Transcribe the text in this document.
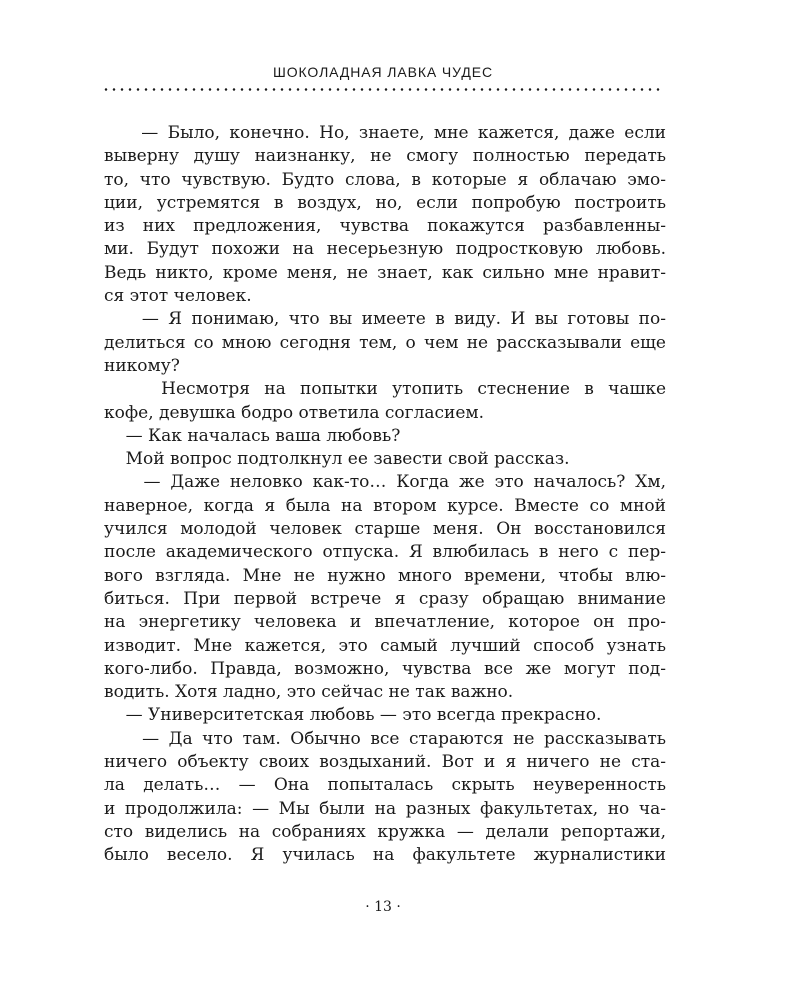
ШОКОЛАДНАЯ ЛАВКА ЧУДЕС
— Было, конечно. Но, знаете, мне кажется, даже если
выверну душу наизнанку, не смогу полностью передать
то, что чувствую. Будто слова, в которые я облачаю эмо-
ции, устремятся в воздух, но, если попробую построить
из них предложения, чувства покажутся разбавленны-
ми. Будут похожи на несерьезную подростковую любовь.
Ведь никто, кроме меня, не знает, как сильно мне нравит-
ся этот человек.
— Я понимаю, что вы имеете в виду. И вы готовы по-
делиться со мною сегодня тем, о чем не рассказывали еще
никому?
Несмотря на попытки утопить стеснение в чашке
кофе, девушка бодро ответила согласием.
— Как началась ваша любовь?
Мой вопрос подтолкнул ее завести свой рассказ.
— Даже неловко как-то… Когда же это началось? Хм,
наверное, когда я была на втором курсе. Вместе со мной
учился молодой человек старше меня. Он восстановился
после академического отпуска. Я влюбилась в него с пер-
вого взгляда. Мне не нужно много времени, чтобы влю-
биться. При первой встрече я сразу обращаю внимание
на энергетику человека и впечатление, которое он про-
изводит. Мне кажется, это самый лучший способ узнать
кого-либо. Правда, возможно, чувства все же могут под-
водить. Хотя ладно, это сейчас не так важно.
— Университетская любовь — это всегда прекрасно.
— Да что там. Обычно все стараются не рассказывать
ничего объекту своих воздыханий. Вот и я ничего не ста-
ла делать… — Она попыталась скрыть неуверенность
и продолжила: — Мы были на разных факультетах, но ча-
сто виделись на собраниях кружка — делали репортажи,
было весело. Я училась на факультете журналистики
· 13 ·
